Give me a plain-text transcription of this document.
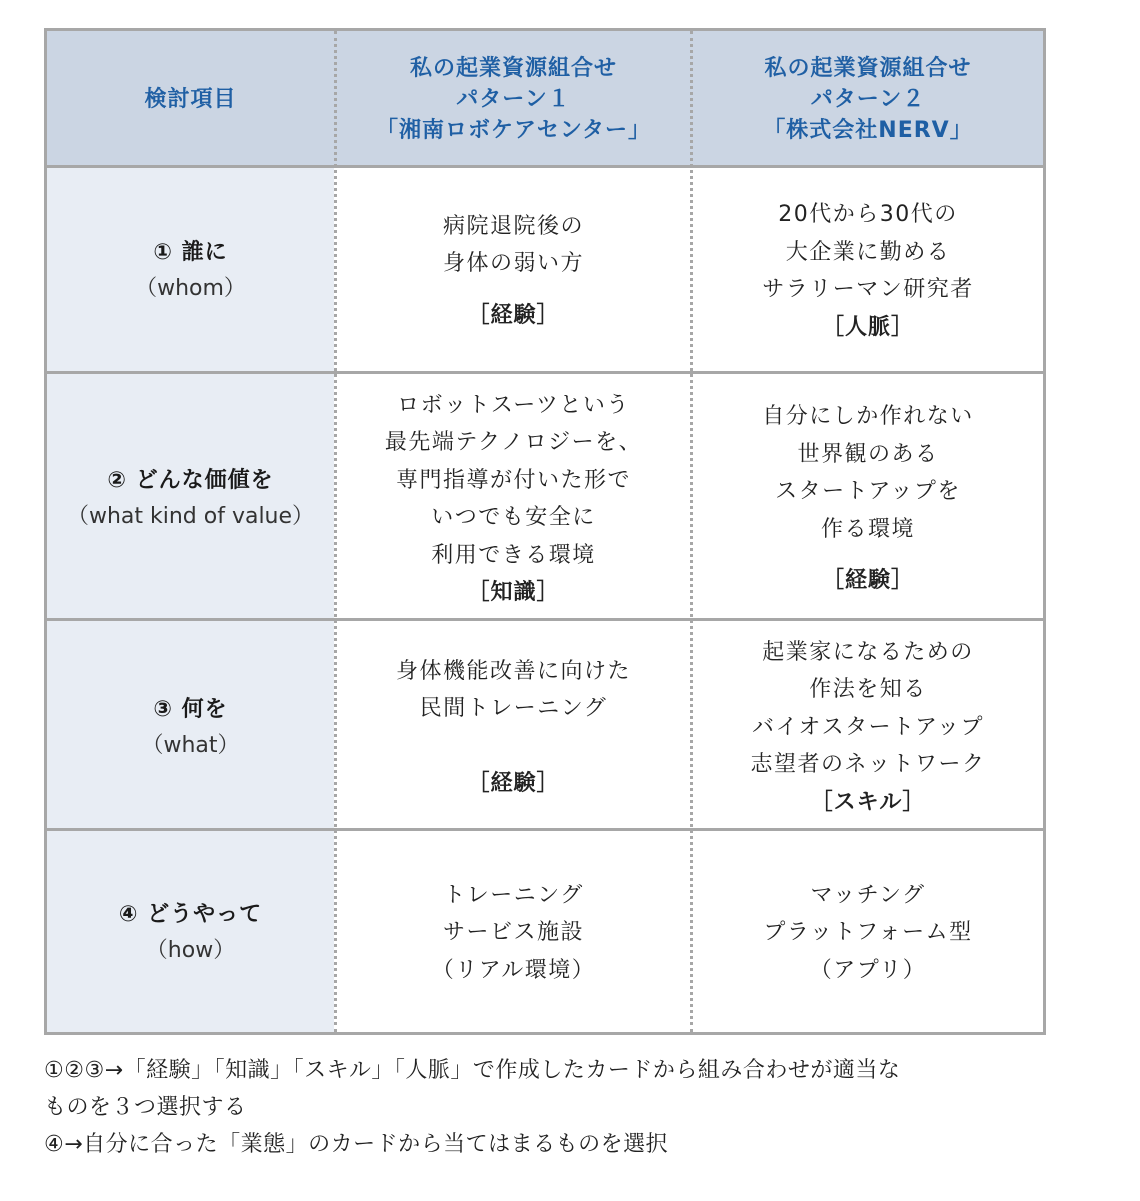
検討項目
私の起業資源組合せ
パターン１
「湘南ロボケアセンター」
私の起業資源組合せ
パターン２
「株式会社NERV」
① 誰に
（whom）
病院退院後の
身体の弱い方
［経験］
20代から30代の
大企業に勤める
サラリーマン研究者
［人脈］
② どんな価値を
（what kind of value）
ロボットスーツという
最先端テクノロジーを、
専門指導が付いた形で
いつでも安全に
利用できる環境
［知識］
自分にしか作れない
世界観のある
スタートアップを
作る環境
［経験］
③ 何を
（what）
身体機能改善に向けた
民間トレーニング
［経験］
起業家になるための
作法を知る
バイオスタートアップ
志望者のネットワーク
［スキル］
④ どうやって
（how）
トレーニング
サービス施設
（リアル環境）
マッチング
プラットフォーム型
（アプリ）

①②③→「経験」「知識」「スキル」「人脈」で作成したカードから組み合わせが適当な

ものを３つ選択する

④→自分に合った「業態」のカードから当てはまるものを選択
